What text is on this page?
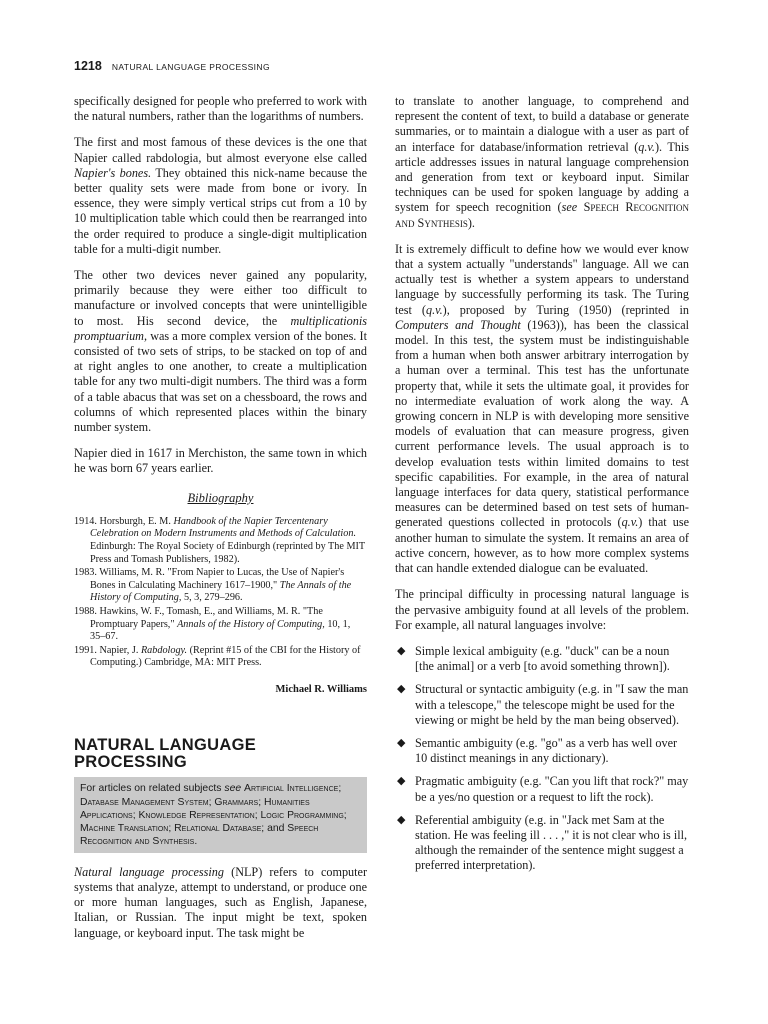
1218 NATURAL LANGUAGE PROCESSING

specifically designed for people who preferred to work with the natural numbers, rather than the logarithms of numbers.

The first and most famous of these devices is the one that Napier called rabdologia, but almost everyone else called Napier's bones. They obtained this nick-name because the better quality sets were made from bone or ivory. In essence, they were simply vertical strips cut from a 10 by 10 multiplication table which could then be rearranged into the order required to produce a single-digit multiplication table for a multi-digit number.

The other two devices never gained any popularity, primarily because they were either too difficult to manufacture or involved concepts that were unintelligible to most. His second device, the multiplicationis promptuarium, was a more complex version of the bones. It consisted of two sets of strips, to be stacked on top of and at right angles to one another, to create a multiplication table for any two multi-digit numbers. The third was a form of a table abacus that was set on a chessboard, the rows and columns of which represented places within the binary number system.

Napier died in 1617 in Merchiston, the same town in which he was born 67 years earlier.

Bibliography
1914. Horsburgh, E. M. Handbook of the Napier Tercentenary Celebration on Modern Instruments and Methods of Calculation. Edinburgh: The Royal Society of Edinburgh (reprinted by The MIT Press and Tomash Publishers, 1982).
1983. Williams, M. R. "From Napier to Lucas, the Use of Napier's Bones in Calculating Machinery 1617–1900," The Annals of the History of Computing, 5, 3, 279–296.
1988. Hawkins, W. F., Tomash, E., and Williams, M. R. "The Promptuary Papers," Annals of the History of Computing, 10, 1, 35–67.
1991. Napier, J. Rabdology. (Reprint #15 of the CBI for the History of Computing.) Cambridge, MA: MIT Press.
Michael R. Williams
NATURAL LANGUAGE
PROCESSING
For articles on related subjects see Artificial Intelligence; Database Management System; Grammars; Humanities Applications; Knowledge Representation; Logic Programming; Machine Translation; Relational Database; and Speech Recognition and Synthesis.

Natural language processing (NLP) refers to computer systems that analyze, attempt to understand, or produce one or more human languages, such as English, Japanese, Italian, or Russian. The input might be text, spoken language, or keyboard input. The task might be

to translate to another language, to comprehend and represent the content of text, to build a database or generate summaries, or to maintain a dialogue with a user as part of an interface for database/information retrieval (q.v.). This article addresses issues in natural language comprehension and generation from text or keyboard input. Similar techniques can be used for spoken language by adding a system for speech recognition (see Speech Recognition and Synthesis).

It is extremely difficult to define how we would ever know that a system actually "understands" language. All we can actually test is whether a system appears to understand language by successfully performing its task. The Turing test (q.v.), proposed by Turing (1950) (reprinted in Computers and Thought (1963)), has been the classical model. In this test, the system must be indistinguishable from a human when both answer arbitrary interrogation by a human over a terminal. This test has the unfortunate property that, while it sets the ultimate goal, it provides for no intermediate evaluation of work along the way. A growing concern in NLP is with developing more sensitive models of evaluation that can measure progress, given current performance levels. The usual approach is to develop evaluation tests within limited domains to test specific capabilities. For example, in the area of natural language interfaces for data query, statistical performance measures can be determined based on test sets of human-generated questions collected in protocols (q.v.) that use another human to simulate the system. It remains an area of active concern, however, as to how more complex systems that can handle extended dialogue can be evaluated.

The principal difficulty in processing natural language is the pervasive ambiguity found at all levels of the problem. For example, all natural languages involve:

◆ Simple lexical ambiguity (e.g. "duck" can be a noun [the animal] or a verb [to avoid something thrown]).
◆ Structural or syntactic ambiguity (e.g. in "I saw the man with a telescope," the telescope might be used for the viewing or might be held by the man being observed).
◆ Semantic ambiguity (e.g. "go" as a verb has well over 10 distinct meanings in any dictionary).
◆ Pragmatic ambiguity (e.g. "Can you lift that rock?" may be a yes/no question or a request to lift the rock).
◆ Referential ambiguity (e.g. in "Jack met Sam at the station. He was feeling ill . . . ," it is not clear who is ill, although the remainder of the sentence might suggest a preferred interpretation).
